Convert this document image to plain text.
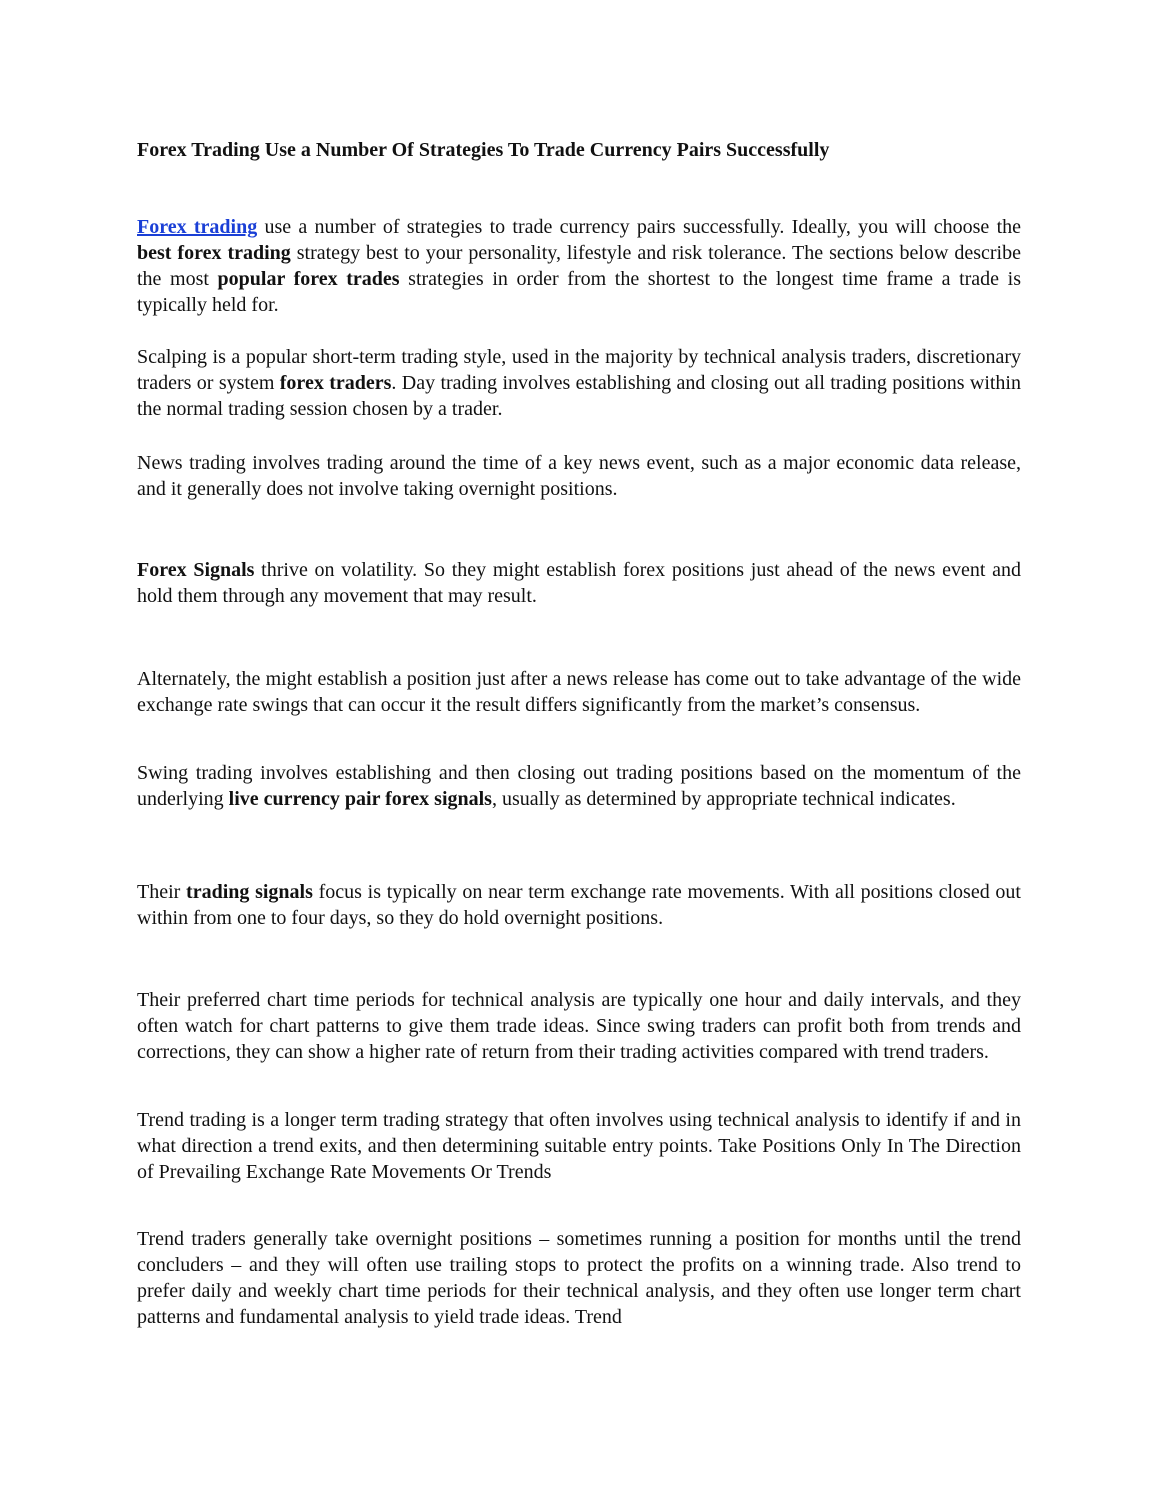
Forex Trading Use a Number Of Strategies To Trade Currency Pairs Successfully

Forex trading use a number of strategies to trade currency pairs successfully. Ideally, you will choose the best forex trading strategy best to your personality, lifestyle and risk tolerance. The sections below describe the most popular forex trades strategies in order from the shortest to the longest time frame a trade is typically held for.

Scalping is a popular short-term trading style, used in the majority by technical analysis traders, discretionary traders or system forex traders. Day trading involves establishing and closing out all trading positions within the normal trading session chosen by a trader.

News trading involves trading around the time of a key news event, such as a major economic data release, and it generally does not involve taking overnight positions.

Forex Signals thrive on volatility. So they might establish forex positions just ahead of the news event and hold them through any movement that may result.

Alternately, the might establish a position just after a news release has come out to take advantage of the wide exchange rate swings that can occur it the result differs significantly from the market’s consensus.

Swing trading involves establishing and then closing out trading positions based on the momentum of the underlying live currency pair forex signals, usually as determined by appropriate technical indicates.

Their trading signals focus is typically on near term exchange rate movements. With all positions closed out within from one to four days, so they do hold overnight positions.

Their preferred chart time periods for technical analysis are typically one hour and daily intervals, and they often watch for chart patterns to give them trade ideas. Since swing traders can profit both from trends and corrections, they can show a higher rate of return from their trading activities compared with trend traders.

Trend trading is a longer term trading strategy that often involves using technical analysis to identify if and in what direction a trend exits, and then determining suitable entry points. Take Positions Only In The Direction of Prevailing Exchange Rate Movements Or Trends

Trend traders generally take overnight positions – sometimes running a position for months until the trend concluders – and they will often use trailing stops to protect the profits on a winning trade. Also trend to prefer daily and weekly chart time periods for their technical analysis, and they often use longer term chart patterns and fundamental analysis to yield trade ideas. Trend
